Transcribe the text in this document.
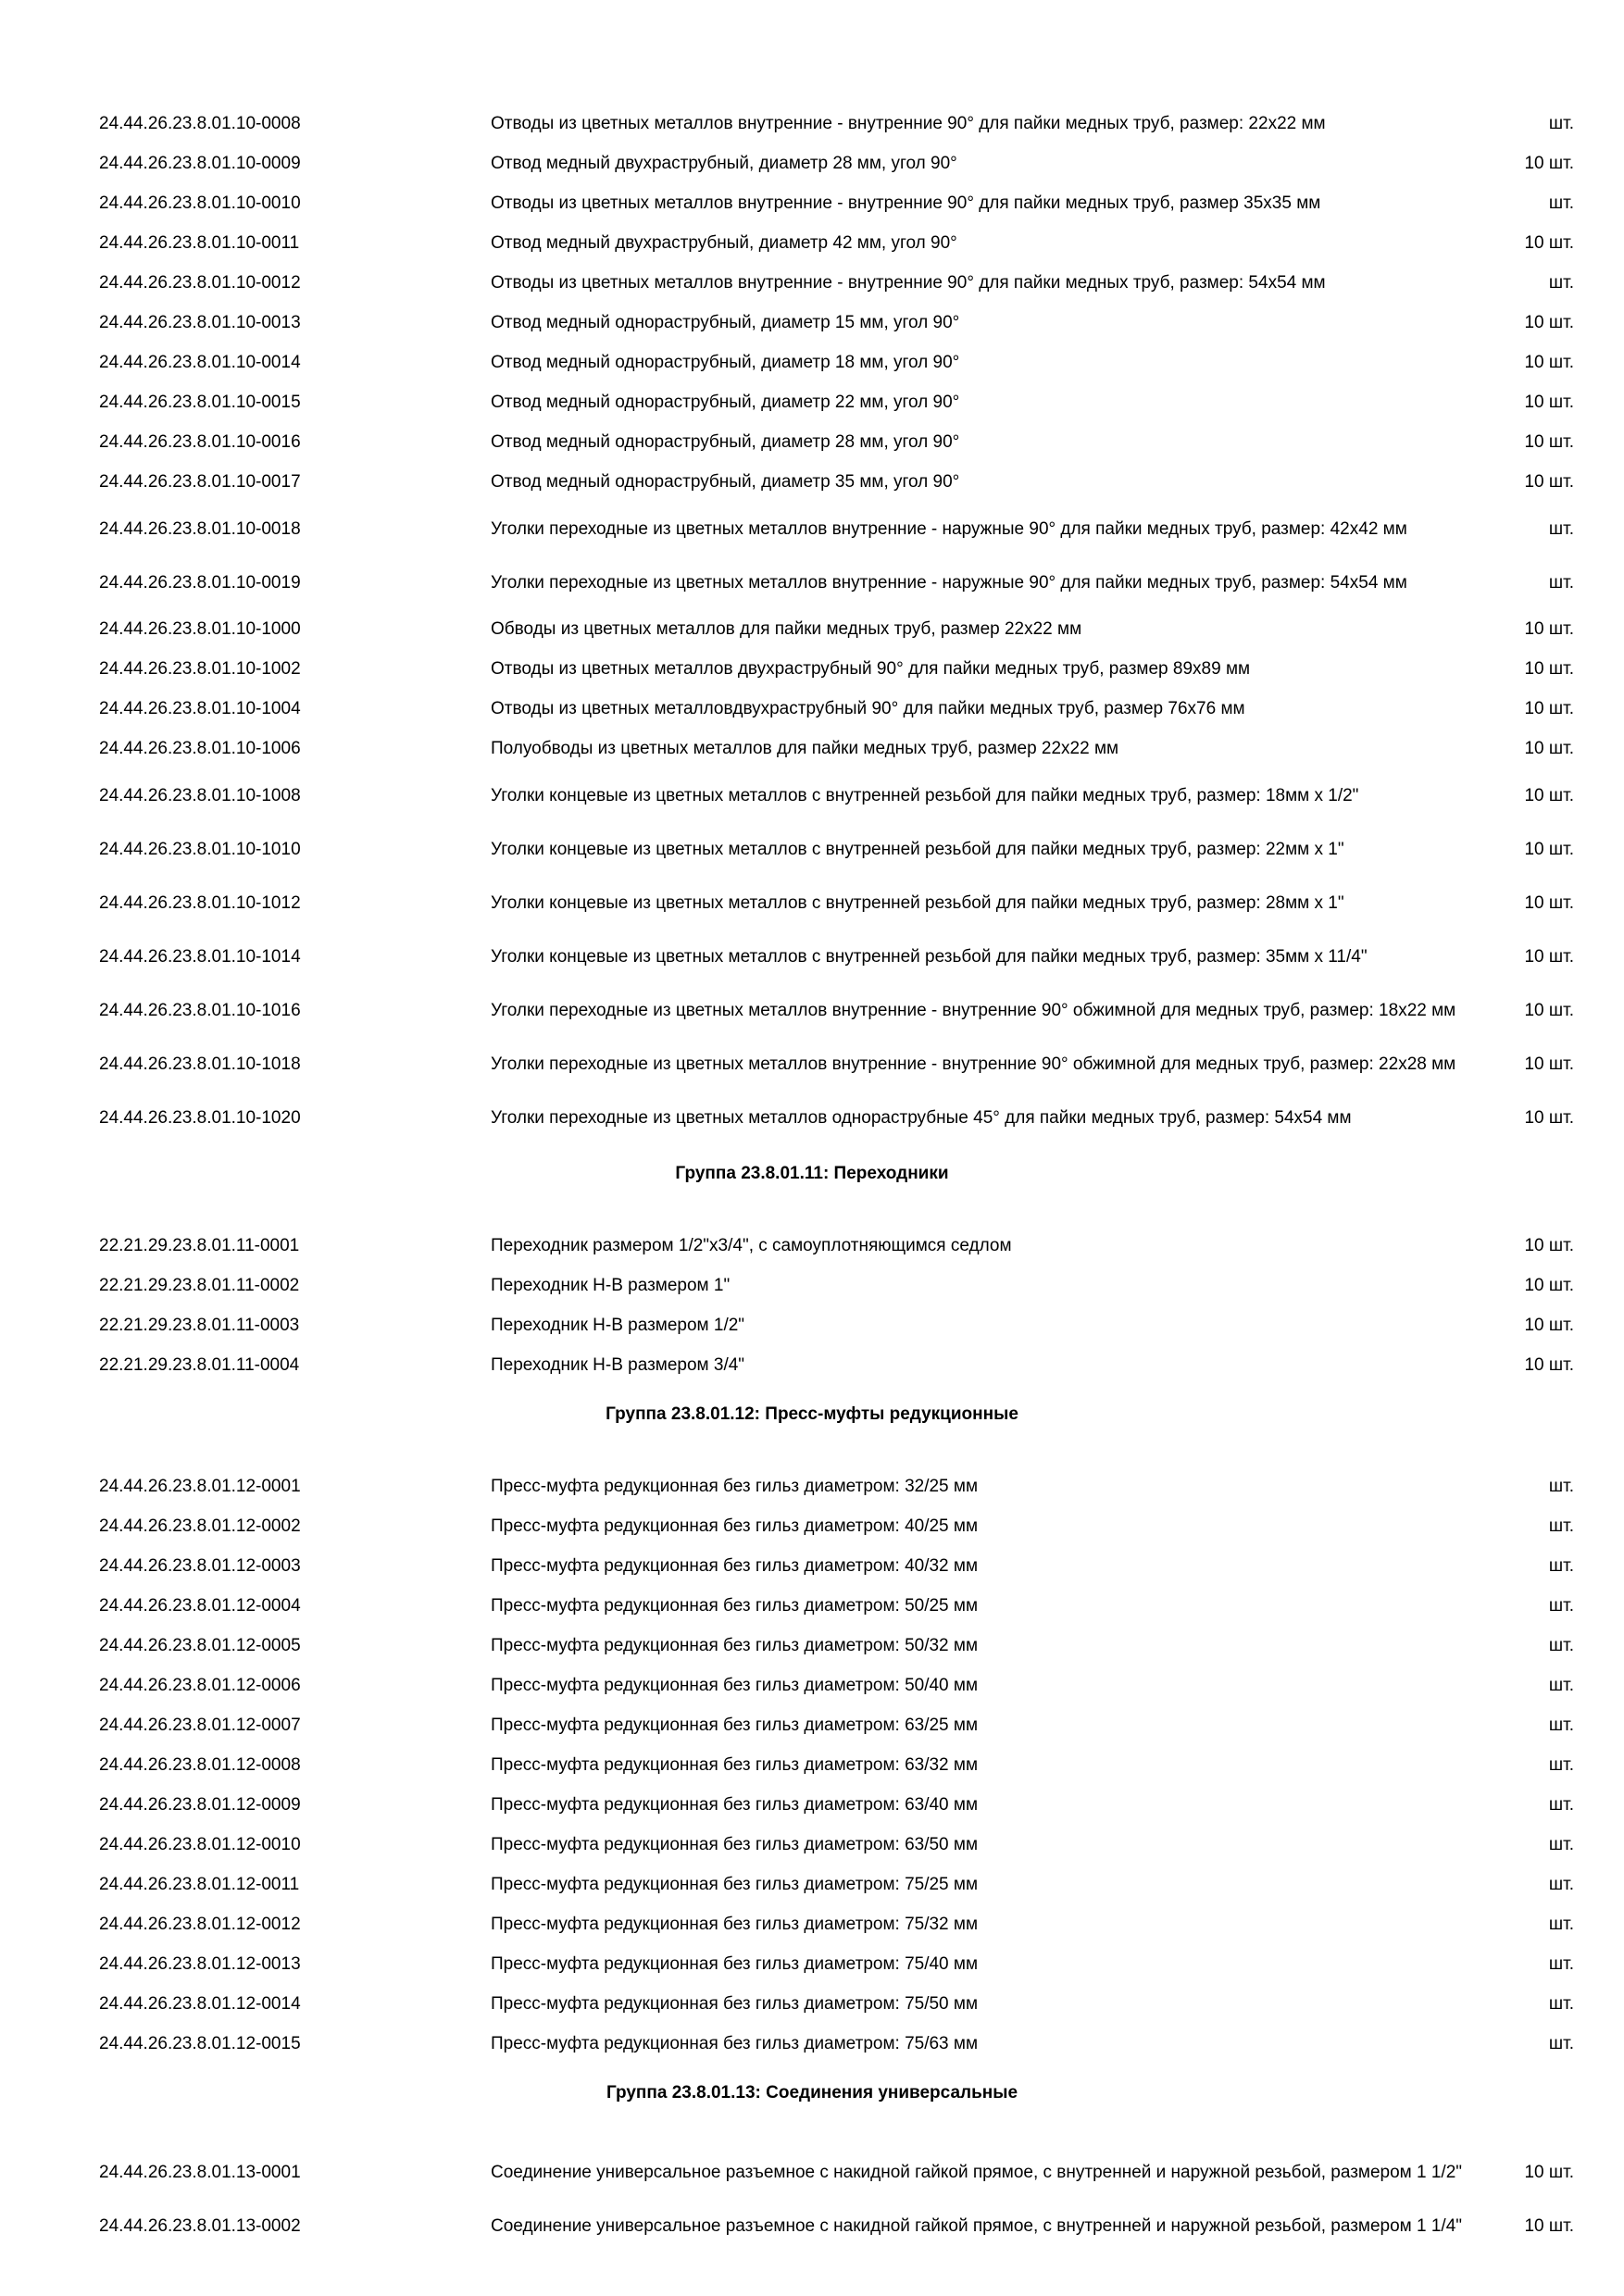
24.44.26.23.8.01.10-0008	Отводы из цветных металлов внутренние - внутренние 90° для пайки медных труб, размер: 22x22 мм	шт.
24.44.26.23.8.01.10-0009	Отвод медный двухраструбный, диаметр 28 мм, угол 90°	10 шт.
24.44.26.23.8.01.10-0010	Отводы из цветных металлов внутренние - внутренние 90° для пайки медных труб, размер 35x35 мм	шт.
24.44.26.23.8.01.10-0011	Отвод медный двухраструбный, диаметр 42 мм, угол 90°	10 шт.
24.44.26.23.8.01.10-0012	Отводы из цветных металлов внутренние - внутренние 90° для пайки медных труб, размер: 54x54 мм	шт.
24.44.26.23.8.01.10-0013	Отвод медный однораструбный, диаметр 15 мм, угол 90°	10 шт.
24.44.26.23.8.01.10-0014	Отвод медный однораструбный, диаметр 18 мм, угол 90°	10 шт.
24.44.26.23.8.01.10-0015	Отвод медный однораструбный, диаметр 22 мм, угол 90°	10 шт.
24.44.26.23.8.01.10-0016	Отвод медный однораструбный, диаметр 28 мм, угол 90°	10 шт.
24.44.26.23.8.01.10-0017	Отвод медный однораструбный, диаметр 35 мм, угол 90°	10 шт.
24.44.26.23.8.01.10-0018	Уголки переходные из цветных металлов внутренние - наружные 90° для пайки медных труб, размер: 42x42 мм	шт.
24.44.26.23.8.01.10-0019	Уголки переходные из цветных металлов внутренние - наружные 90° для пайки медных труб, размер: 54x54 мм	шт.
24.44.26.23.8.01.10-1000	Обводы из цветных металлов для пайки медных труб, размер 22x22 мм	10 шт.
24.44.26.23.8.01.10-1002	Отводы из цветных металлов двухраструбный 90° для пайки медных труб, размер 89x89 мм	10 шт.
24.44.26.23.8.01.10-1004	Отводы из цветных металловдвухраструбный 90° для пайки медных труб, размер 76x76 мм	10 шт.
24.44.26.23.8.01.10-1006	Полуобводы из цветных металлов для пайки медных труб, размер 22x22 мм	10 шт.
24.44.26.23.8.01.10-1008	Уголки концевые из цветных металлов с внутренней резьбой для пайки медных труб, размер: 18мм х 1/2"	10 шт.
24.44.26.23.8.01.10-1010	Уголки концевые из цветных металлов с внутренней резьбой для пайки медных труб, размер: 22мм х 1"	10 шт.
24.44.26.23.8.01.10-1012	Уголки концевые из цветных металлов с внутренней резьбой для пайки медных труб, размер: 28мм х 1"	10 шт.
24.44.26.23.8.01.10-1014	Уголки концевые из цветных металлов с внутренней резьбой для пайки медных труб, размер: 35мм х 11/4"	10 шт.
24.44.26.23.8.01.10-1016	Уголки переходные из цветных металлов внутренние - внутренние 90° обжимной для медных труб, размер: 18x22 мм	10 шт.
24.44.26.23.8.01.10-1018	Уголки переходные из цветных металлов внутренние - внутренние 90° обжимной для медных труб, размер: 22x28 мм	10 шт.
24.44.26.23.8.01.10-1020	Уголки переходные из цветных металлов однораструбные 45° для пайки медных труб, размер: 54x54 мм	10 шт.
Группа 23.8.01.11: Переходники
22.21.29.23.8.01.11-0001	Переходник размером 1/2"x3/4", с самоуплотняющимся седлом	10 шт.
22.21.29.23.8.01.11-0002	Переходник Н-В размером 1"	10 шт.
22.21.29.23.8.01.11-0003	Переходник Н-В размером 1/2"	10 шт.
22.21.29.23.8.01.11-0004	Переходник Н-В размером 3/4"	10 шт.
Группа 23.8.01.12: Пресс-муфты редукционные
24.44.26.23.8.01.12-0001	Пресс-муфта редукционная без гильз диаметром: 32/25 мм	шт.
24.44.26.23.8.01.12-0002	Пресс-муфта редукционная без гильз диаметром: 40/25 мм	шт.
24.44.26.23.8.01.12-0003	Пресс-муфта редукционная без гильз диаметром: 40/32 мм	шт.
24.44.26.23.8.01.12-0004	Пресс-муфта редукционная без гильз диаметром: 50/25 мм	шт.
24.44.26.23.8.01.12-0005	Пресс-муфта редукционная без гильз диаметром: 50/32 мм	шт.
24.44.26.23.8.01.12-0006	Пресс-муфта редукционная без гильз диаметром: 50/40 мм	шт.
24.44.26.23.8.01.12-0007	Пресс-муфта редукционная без гильз диаметром: 63/25 мм	шт.
24.44.26.23.8.01.12-0008	Пресс-муфта редукционная без гильз диаметром: 63/32 мм	шт.
24.44.26.23.8.01.12-0009	Пресс-муфта редукционная без гильз диаметром: 63/40 мм	шт.
24.44.26.23.8.01.12-0010	Пресс-муфта редукционная без гильз диаметром: 63/50 мм	шт.
24.44.26.23.8.01.12-0011	Пресс-муфта редукционная без гильз диаметром: 75/25 мм	шт.
24.44.26.23.8.01.12-0012	Пресс-муфта редукционная без гильз диаметром: 75/32 мм	шт.
24.44.26.23.8.01.12-0013	Пресс-муфта редукционная без гильз диаметром: 75/40 мм	шт.
24.44.26.23.8.01.12-0014	Пресс-муфта редукционная без гильз диаметром: 75/50 мм	шт.
24.44.26.23.8.01.12-0015	Пресс-муфта редукционная без гильз диаметром: 75/63 мм	шт.
Группа 23.8.01.13: Соединения универсальные
24.44.26.23.8.01.13-0001	Соединение универсальное разъемное с накидной гайкой прямое, с внутренней и наружной резьбой, размером 1 1/2"	10 шт.
24.44.26.23.8.01.13-0002	Соединение универсальное разъемное с накидной гайкой прямое, с внутренней и наружной резьбой, размером 1 1/4"	10 шт.
